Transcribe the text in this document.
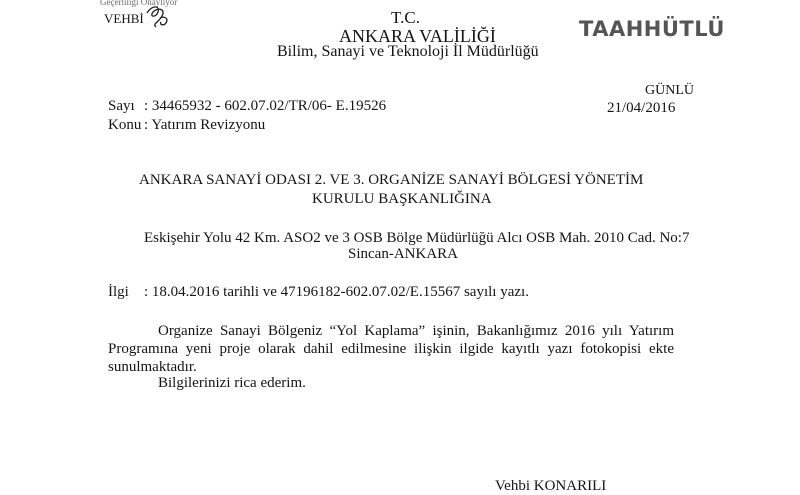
Geçerliliği Onaylıyor
VEHBİ	T.C.
ANKARA VALİLİĞİ
Bilim, Sanayi ve Teknoloji İl Müdürlüğü
TAAHHÜTLÜ
GÜNLÜ
21/04/2016
Sayı : 34465932 - 602.07.02/TR/06- E.19526
Konu : Yatırım Revizyonu
ANKARA SANAYİ ODASI 2. VE 3. ORGANİZE SANAYİ BÖLGESİ YÖNETİM
KURULU BAŞKANLIĞINA
Eskişehir Yolu 42 Km. ASO2 ve 3 OSB Bölge Müdürlüğü Alcı OSB Mah. 2010 Cad. No:7
Sincan-ANKARA
İlgi : 18.04.2016 tarihli ve 47196182-602.07.02/E.15567 sayılı yazı.
Organize Sanayi Bölgeniz “Yol Kaplama” işinin, Bakanlığımız 2016 yılı Yatırım Programına yeni proje olarak dahil edilmesine ilişkin ilgide kayıtlı yazı fotokopisi ekte sunulmaktadır.
Bilgilerinizi rica ederim.
Vehbi KONARILI
